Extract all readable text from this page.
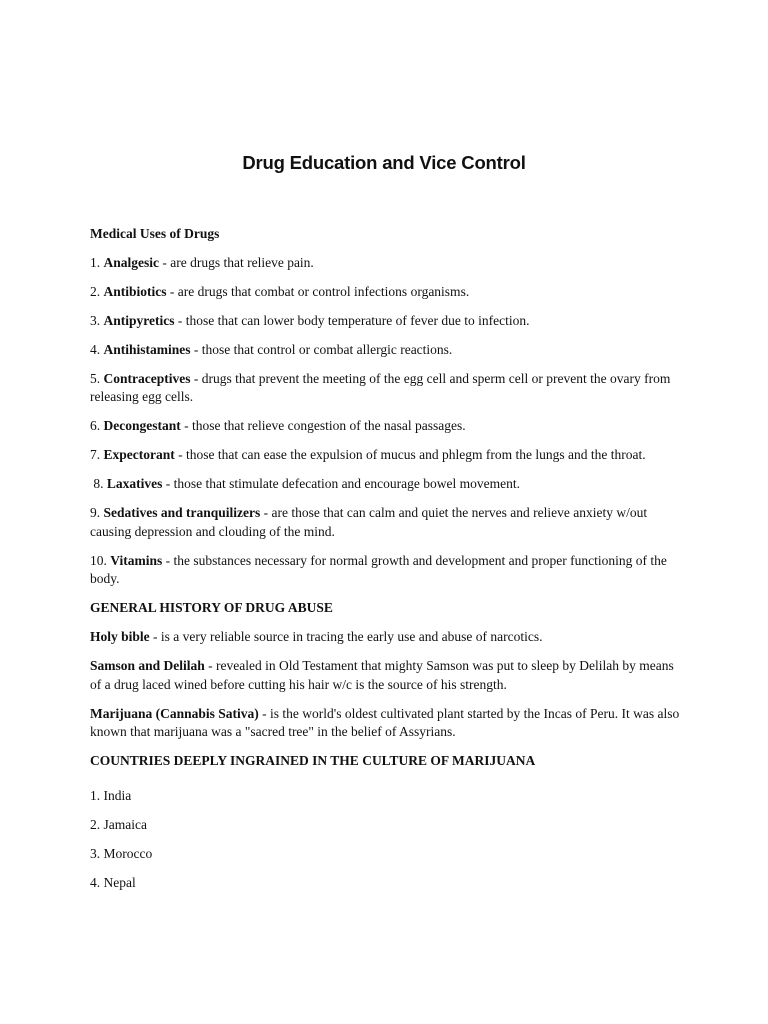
Drug Education and Vice Control
Medical Uses of Drugs

1. Analgesic - are drugs that relieve pain.

2. Antibiotics - are drugs that combat or control infections organisms.

3. Antipyretics - those that can lower body temperature of fever due to infection.

4. Antihistamines - those that control or combat allergic reactions.

5. Contraceptives - drugs that prevent the meeting of the egg cell and sperm cell or prevent the ovary from releasing egg cells.

6. Decongestant - those that relieve congestion of the nasal passages.

7. Expectorant - those that can ease the expulsion of mucus and phlegm from the lungs and the throat.

8. Laxatives - those that stimulate defecation and encourage bowel movement.

9. Sedatives and tranquilizers - are those that can calm and quiet the nerves and relieve anxiety w/out causing depression and clouding of the mind.

10. Vitamins - the substances necessary for normal growth and development and proper functioning of the body.

GENERAL HISTORY OF DRUG ABUSE

Holy bible - is a very reliable source in tracing the early use and abuse of narcotics.

Samson and Delilah - revealed in Old Testament that mighty Samson was put to sleep by Delilah by means of a drug laced wined before cutting his hair w/c is the source of his strength.

Marijuana (Cannabis Sativa) - is the world's oldest cultivated plant started by the Incas of Peru. It was also known that marijuana was a "sacred tree" in the belief of Assyrians.

COUNTRIES DEEPLY INGRAINED IN THE CULTURE OF MARIJUANA

1. India

2. Jamaica

3. Morocco

4. Nepal
